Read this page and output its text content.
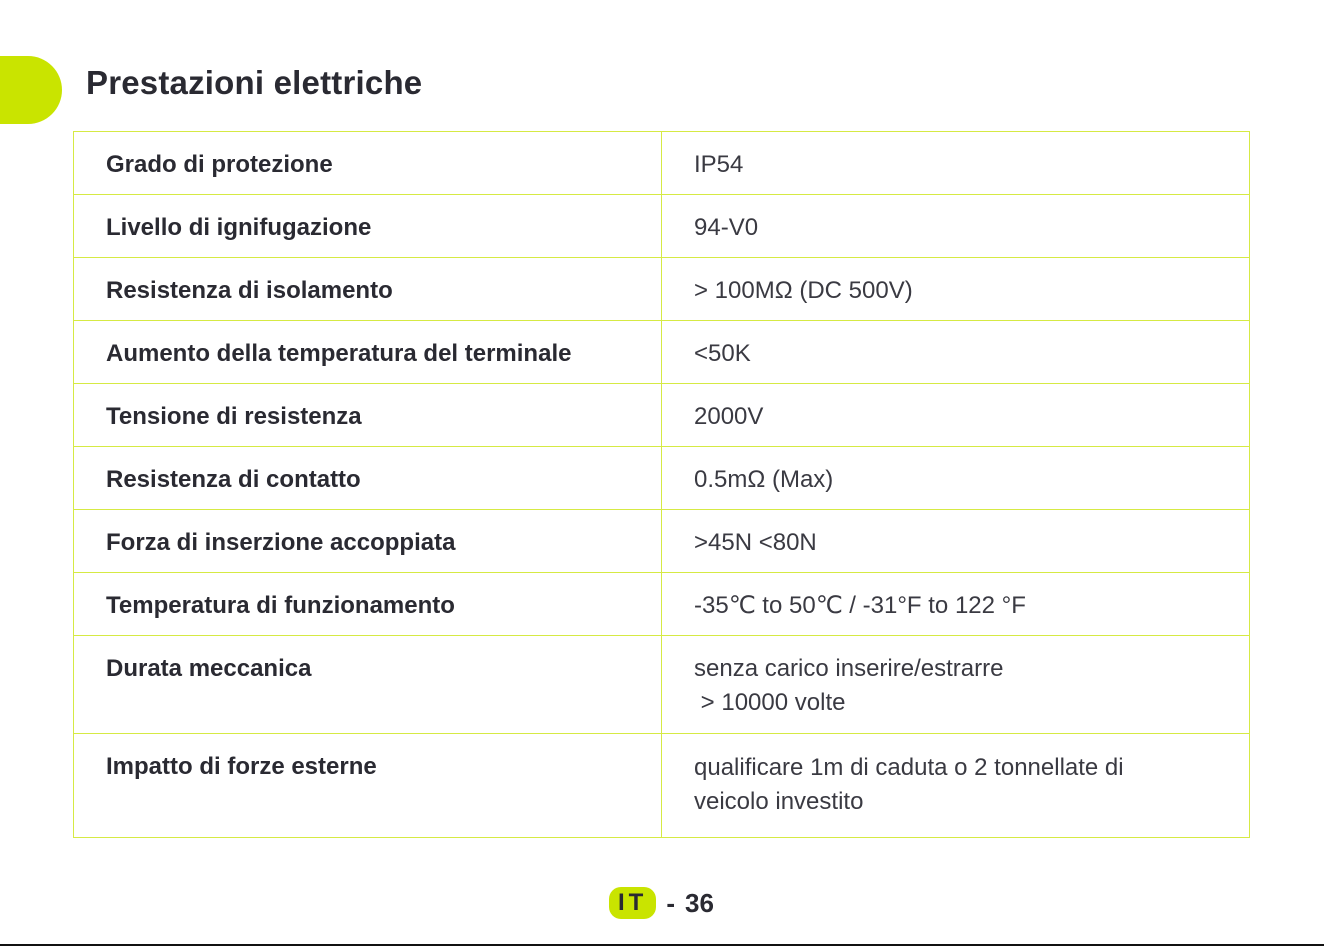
Prestazioni elettriche
Grado di protezione	IP54

Livello di ignifugazione	94-V0

Resistenza di isolamento	> 100MΩ (DC 500V)

Aumento della temperatura del terminale	<50K

Tensione di resistenza	2000V

Resistenza di contatto	0.5mΩ (Max)

Forza di inserzione accoppiata	>45N <80N

Temperatura di funzionamento	-35℃ to 50℃ / -31°F to 122 °F

Durata meccanica	senza carico inserire/estrarre
> 10000 volte

Impatto di forze esterne	qualificare 1m di caduta o 2 tonnellate di
veicolo investito
IT - 36
